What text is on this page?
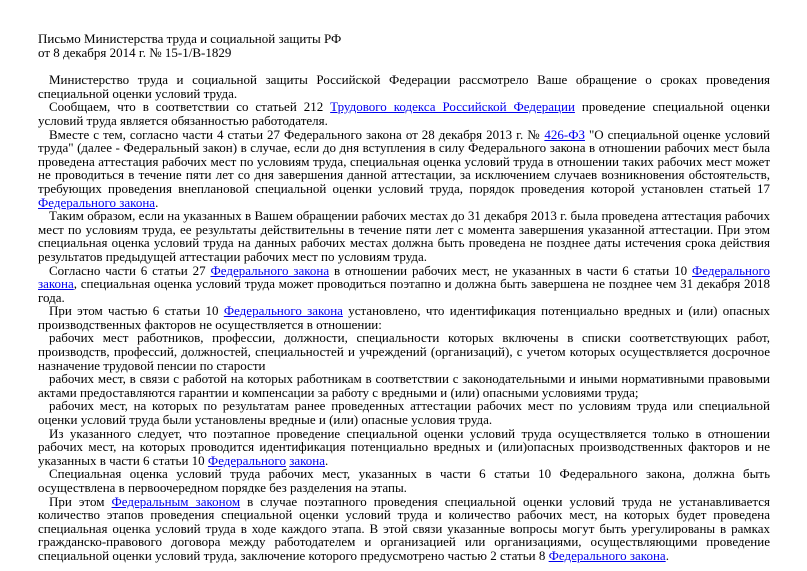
Письмо Министерства труда и социальной защиты РФ

от 8 декабря 2014 г. № 15-1/В-1829

Министерство труда и социальной защиты Российской Федерации рассмотрело Ваше обращение о сроках проведения специальной оценки условий труда.

Сообщаем, что в соответствии со статьей 212 Трудового кодекса Российской Федерации проведение специальной оценки условий труда является обязанностью работодателя.

Вместе с тем, согласно части 4 статьи 27 Федерального закона от 28 декабря 2013 г. № 426-ФЗ "О специальной оценке условий труда" (далее - Федеральный закон) в случае, если до дня вступления в силу Федерального закона в отношении рабочих мест была проведена аттестация рабочих мест по условиям труда, специальная оценка условий труда в отношении таких рабочих мест может не проводиться в течение пяти лет со дня завершения данной аттестации, за исключением случаев возникновения обстоятельств, требующих проведения внеплановой специальной оценки условий труда, порядок проведения которой установлен статьей 17 Федерального закона.

Таким образом, если на указанных в Вашем обращении рабочих местах до 31 декабря 2013 г. была проведена аттестация рабочих мест по условиям труда, ее результаты действительны в течение пяти лет с момента завершения указанной аттестации. При этом специальная оценка условий труда на данных рабочих местах должна быть проведена не позднее даты истечения срока действия результатов предыдущей аттестации рабочих мест по условиям труда.

Согласно части 6 статьи 27 Федерального закона в отношении рабочих мест, не указанных в части 6 статьи 10 Федерального закона, специальная оценка условий труда может проводиться поэтапно и должна быть завершена не позднее чем 31 декабря 2018 года.

При этом частью 6 статьи 10 Федерального закона установлено, что идентификация потенциально вредных и (или) опасных производственных факторов не осуществляется в отношении:

рабочих мест работников, профессии, должности, специальности которых включены в списки соответствующих работ, производств, профессий, должностей, специальностей и учреждений (организаций), с учетом которых осуществляется досрочное назначение трудовой пенсии по старости

рабочих мест, в связи с работой на которых работникам в соответствии с законодательными и иными нормативными правовыми актами предоставляются гарантии и компенсации за работу с вредными и (или) опасными условиями труда;

рабочих мест, на которых по результатам ранее проведенных аттестации рабочих мест по условиям труда или специальной оценки условий труда были установлены вредные и (или) опасные условия труда.

Из указанного следует, что поэтапное проведение специальной оценки условий труда осуществляется только в отношении рабочих мест, на которых проводится идентификация потенциально вредных и (или)опасных производственных факторов и не указанных в части 6 статьи 10 Федерального закона.

Специальная оценка условий труда рабочих мест, указанных в части 6 статьи 10 Федерального закона, должна быть осуществлена в первоочередном порядке без разделения на этапы.

При этом Федеральным законом в случае поэтапного проведения специальной оценки условий труда не устанавливается количество этапов проведения специальной оценки условий труда и количество рабочих мест, на которых будет проведена специальная оценка условий труда в ходе каждого этапа. В этой связи указанные вопросы могут быть урегулированы в рамках гражданско-правового договора между работодателем и организацией или организациями, осуществляющими проведение специальной оценки условий труда, заключение которого предусмотрено частью 2 статьи 8 Федерального закона.
